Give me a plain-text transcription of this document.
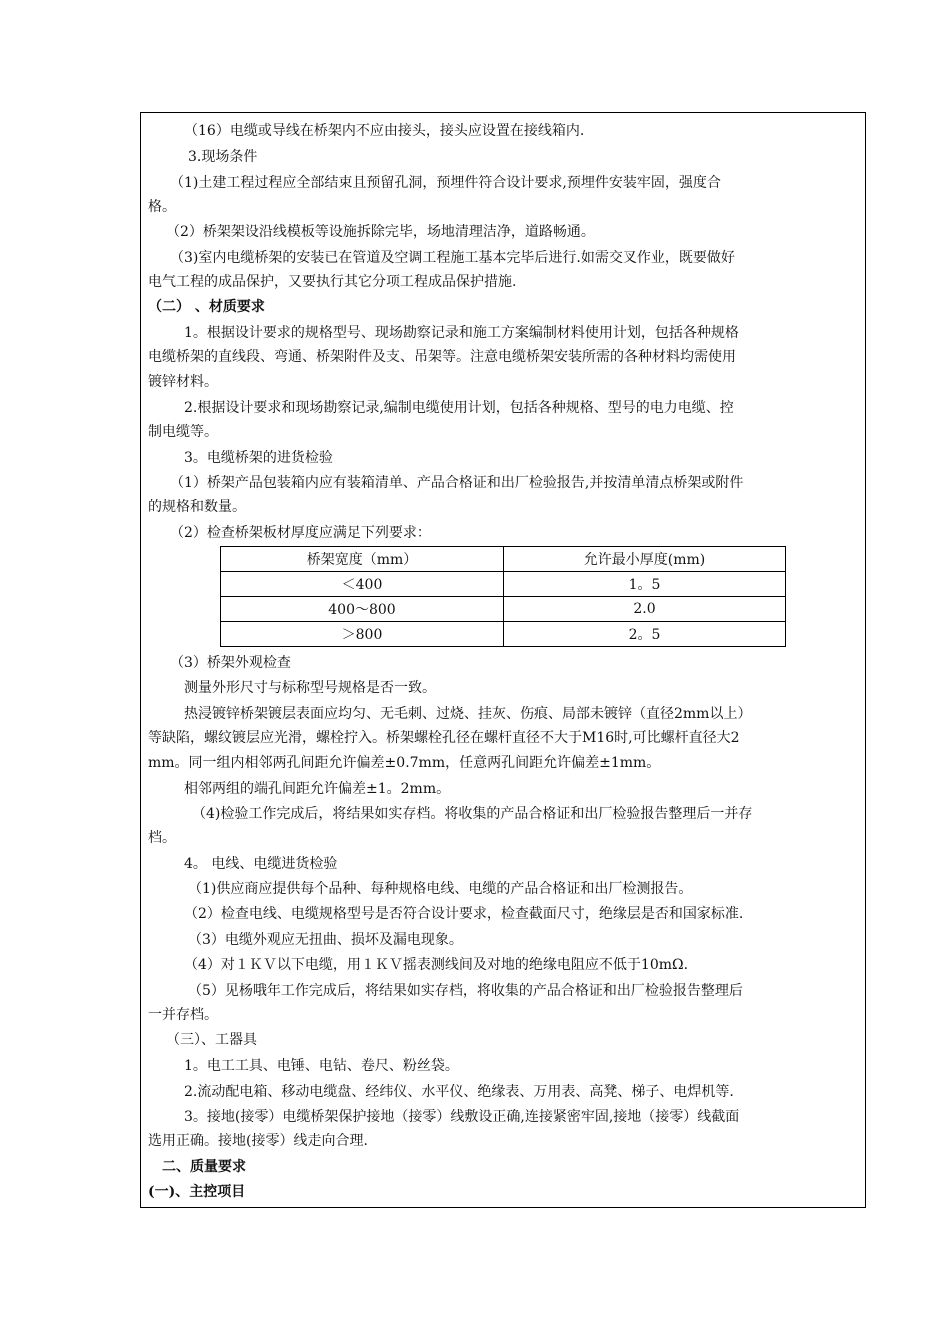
（16）电缆或导线在桥架内不应由接头，接头应设置在接线箱内.
3.现场条件
（1)土建工程过程应全部结束且预留孔洞，预埋件符合设计要求,预埋件安装牢固，强度合
格。
（2）桥架架设沿线模板等设施拆除完毕，场地清理洁净，道路畅通。
（3)室内电缆桥架的安装已在管道及空调工程施工基本完毕后进行.如需交叉作业，既要做好
电气工程的成品保护，又要执行其它分项工程成品保护措施.
（二） 、材质要求
1。根据设计要求的规格型号、现场勘察记录和施工方案编制材料使用计划，包括各种规格
电缆桥架的直线段、弯通、桥架附件及支、吊架等。注意电缆桥架安装所需的各种材料均需使用
镀锌材料。
2.根据设计要求和现场勘察记录,编制电缆使用计划，包括各种规格、型号的电力电缆、控
制电缆等。
3。电缆桥架的进货检验
（1）桥架产品包装箱内应有装箱清单、产品合格证和出厂检验报告,并按清单清点桥架或附件
的规格和数量。
（2）检查桥架板材厚度应满足下列要求：
（3）桥架外观检查
测量外形尺寸与标称型号规格是否一致。
热浸镀锌桥架镀层表面应均匀、无毛刺、过烧、挂灰、伤痕、局部未镀锌（直径2mm以上）
等缺陷，螺纹镀层应光滑，螺栓拧入。桥架螺栓孔径在螺杆直径不大于M16时,可比螺杆直径大2
mm。同一组内相邻两孔间距允许偏差±0.7mm，任意两孔间距允许偏差±1mm。
相邻两组的端孔间距允许偏差±1。2mm。
（4)检验工作完成后，将结果如实存档。将收集的产品合格证和出厂检验报告整理后一并存
档。
4。 电线、电缆进货检验
（1)供应商应提供每个品种、每种规格电线、电缆的产品合格证和出厂检测报告。
（2）检查电线、电缆规格型号是否符合设计要求，检查截面尺寸，绝缘层是否和国家标准.
（3）电缆外观应无扭曲、损坏及漏电现象。
（4）对１ＫＶ以下电缆，用１ＫＶ摇表测线间及对地的绝缘电阻应不低于10mΩ.
（5）见杨哦年工作完成后，将结果如实存档，将收集的产品合格证和出厂检验报告整理后
一并存档。
（三）、工器具
1。电工工具、电锤、电钻、卷尺、粉丝袋。
2.流动配电箱、移动电缆盘、经纬仪、水平仪、绝缘表、万用表、高凳、梯子、电焊机等.
3。接地(接零）电缆桥架保护接地（接零）线敷设正确,连接紧密牢固,接地（接零）线截面
选用正确。接地(接零）线走向合理.
二、质量要求
(一)、主控项目
桥架宽度（mm）	允许最小厚度(mm)
＜400	1。5
400～800	2.0
＞800	2。5
